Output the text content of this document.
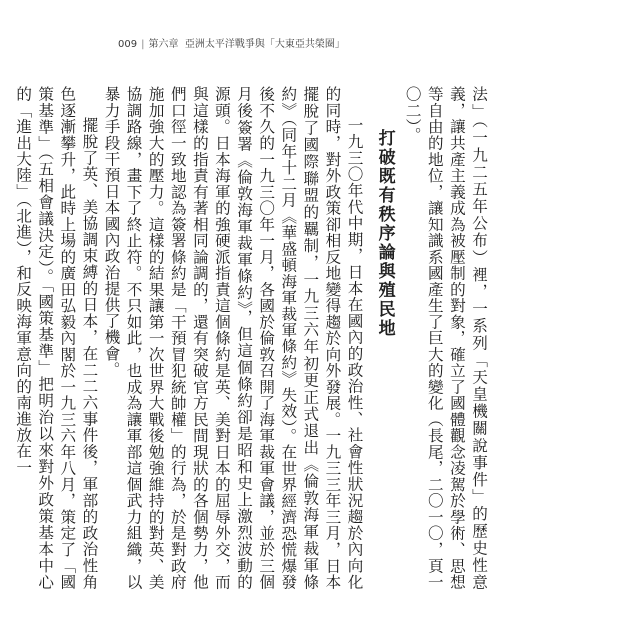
009 | 第六章 亞洲太平洋戰爭與「大東亞共榮圈」

法」（一九二五年公布）裡，一系列「天皇機關說事件」的歷史性意義，讓共產主義成為被壓制的對象，確立了國體觀念凌駕於學術、思想等自由的地位，讓知識系國產生了巨大的變化（長尾，二〇一〇，頁一〇二）。

打破既有秩序論與殖民地

一九三〇年代中期，日本在國內的政治性、社會性狀況趨於內向化的同時，對外政策卻相反地變得趨於向外發展。一九三三年三月，日本擺脫了國際聯盟的羈制，一九三六年初更正式退出《倫敦海軍裁軍條約》（同年十二月《華盛頓海軍裁軍條約》失效）。在世界經濟恐慌爆發後不久的一九三〇年一月，各國於倫敦召開了海軍裁軍會議，並於三個月後簽署《倫敦海軍裁軍條約》，但這個條約卻是昭和史上激烈波動的源頭。日本海軍的強硬派指責這個條約是英、美對日本的屈辱外交，而與這樣的指責有著相同論調的，還有突破官方民間現狀的各個勢力，他們口徑一致地認為簽署條約是「干預冒犯統帥權」的行為，於是對政府施加強大的壓力。這樣的結果讓第一次世界大戰後勉強維持的對英、美協調路線，畫下了終止符。不只如此，也成為讓軍部這個武力組織，以暴力手段干預日本國內政治提供了機會。

擺脫了英、美協調束縛的日本，在二二六事件後，軍部的政治性角色逐漸攀升，此時上場的廣田弘毅內閣於一九三六年八月，策定了「國策基準」（五相會議決定）。「國策基準」把明治以來對外政策基本中心的「進出大陸」（北進），和反映海軍意向的南進放在一
